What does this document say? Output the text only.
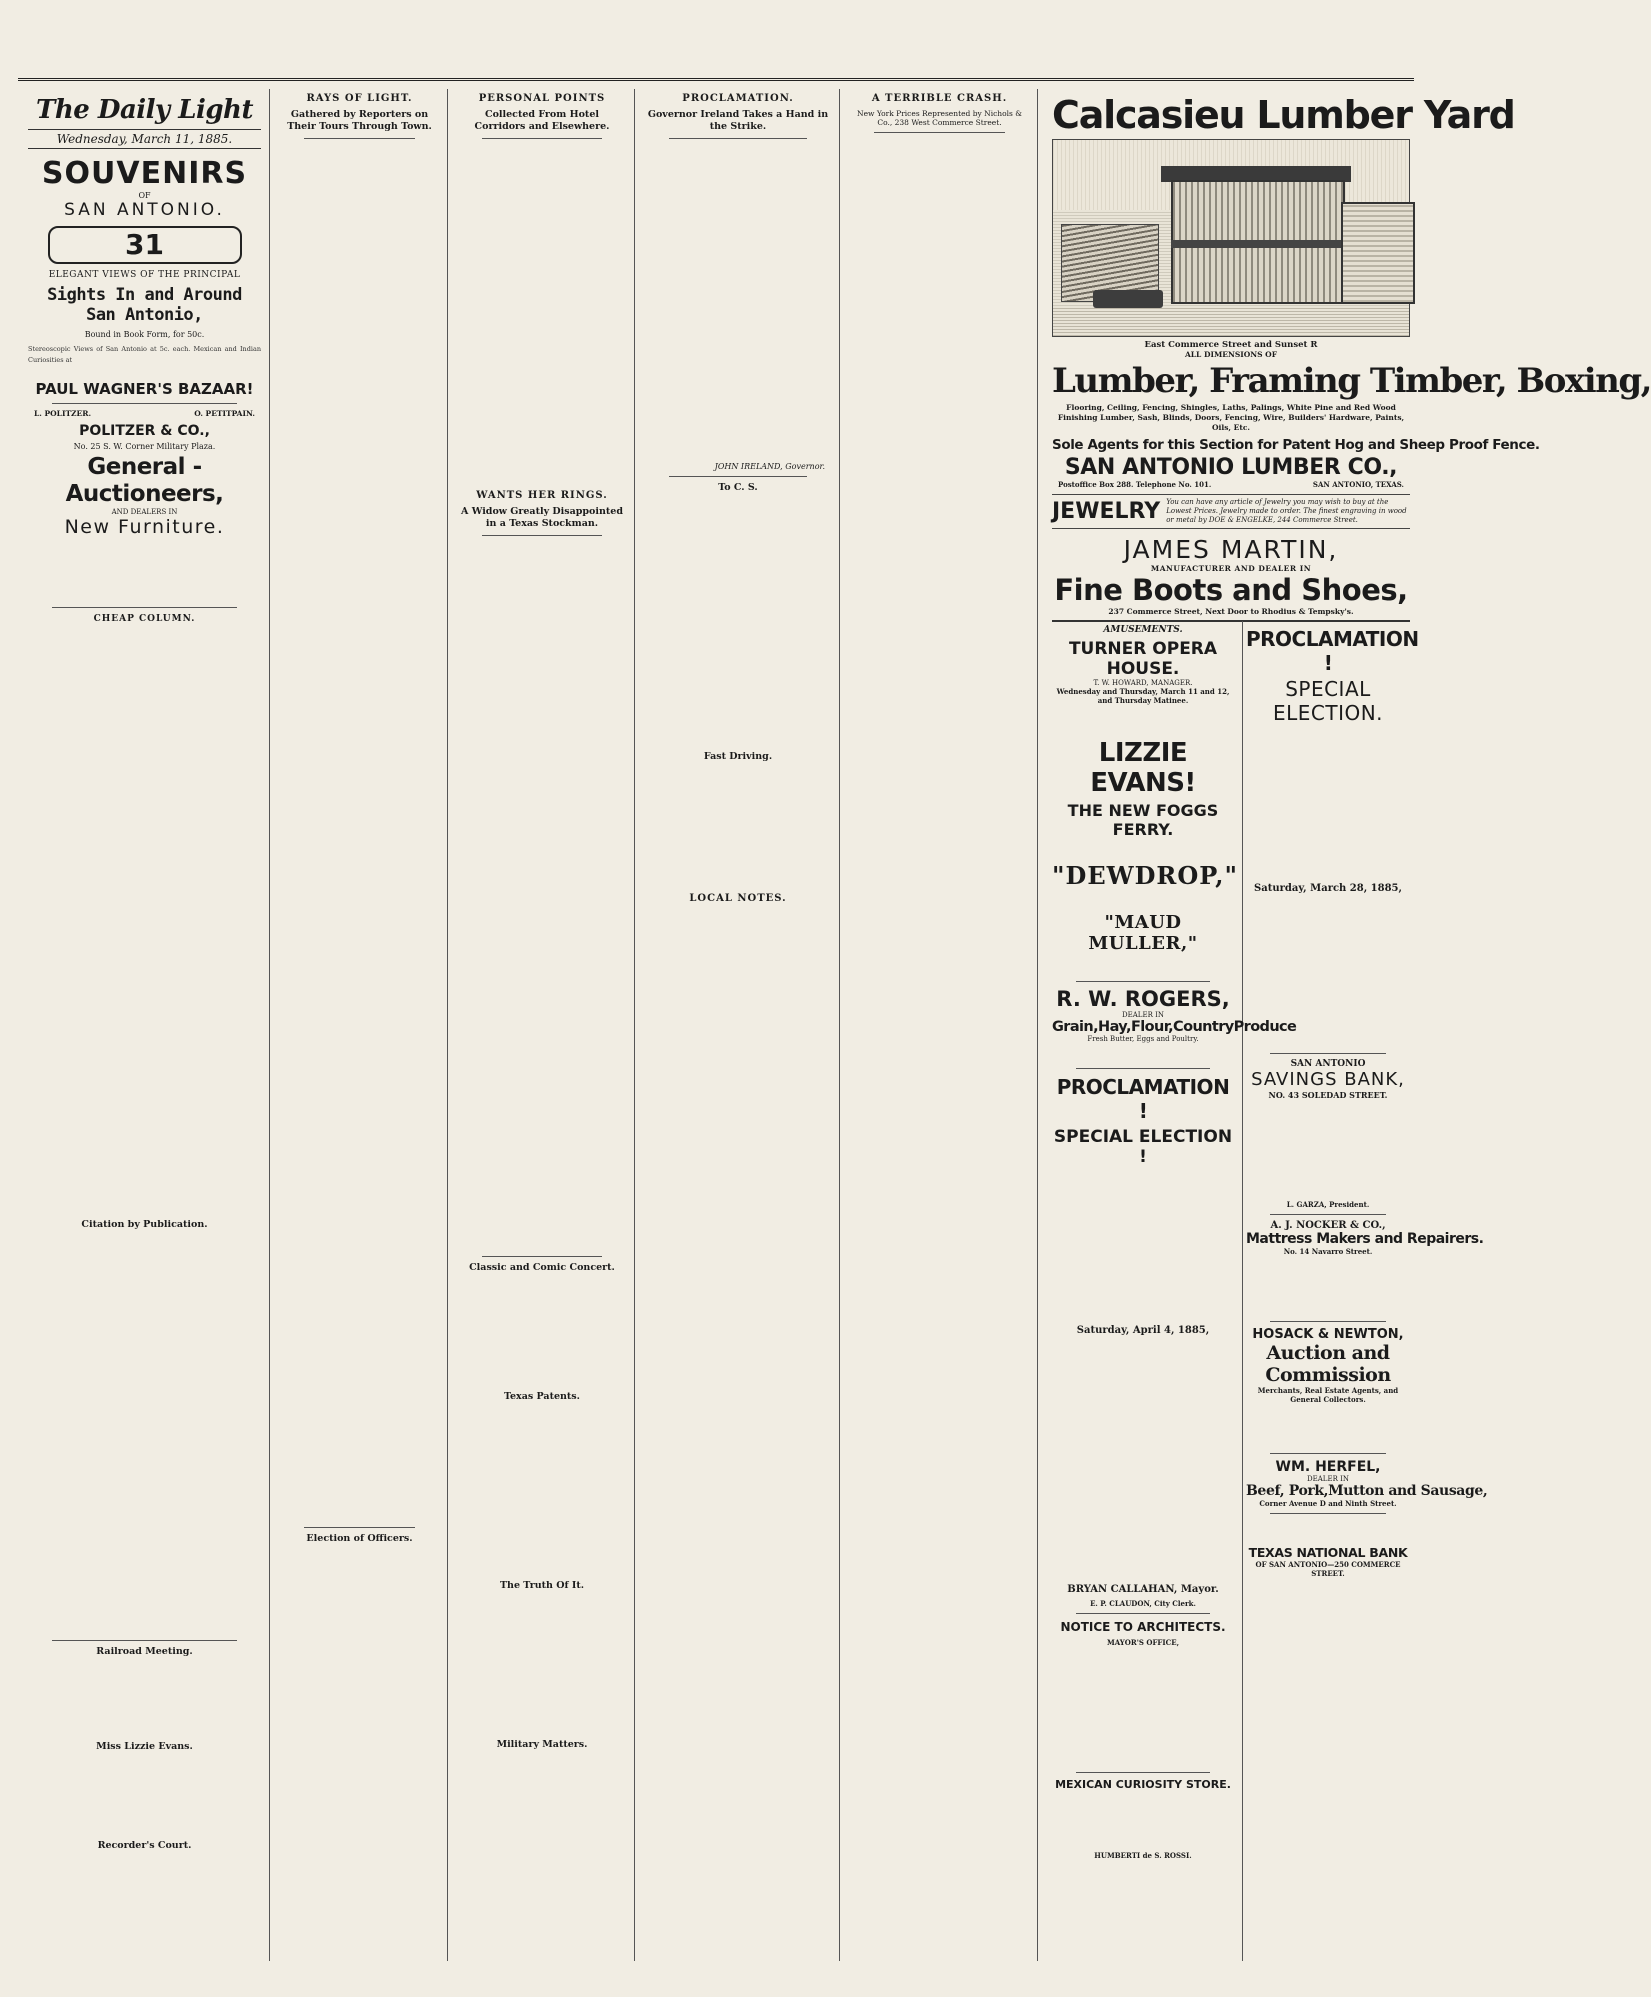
The Daily Light
Wednesday, March 11, 1885.
SOUVENIRS
OF
SAN ANTONIO.
31
ELEGANT VIEWS OF THE PRINCIPAL
Sights In and Around San Antonio,
Bound in Book Form, for 50c.
Stereoscopic Views of San Antonio at 5c. each. Mexican and Indian Curiosities at
PAUL WAGNER'S BAZAAR!
L. POLITZER.	O. PETITPAIN.
POLITZER & CO.,
No. 25 S. W. Corner Military Plaza.
General - Auctioneers,
AND DEALERS IN
New Furniture.
CHEAP COLUMN.
Citation by Publication.
Railroad Meeting.
Miss Lizzie Evans.
Recorder's Court.
RAYS OF LIGHT.
Gathered by Reporters on Their Tours Through Town.
Election of Officers.
PERSONAL POINTS
Collected From Hotel Corridors and Elsewhere.
WANTS HER RINGS.
A Widow Greatly Disappointed in a Texas Stockman.
Classic and Comic Concert.
Texas Patents.
The Truth Of It.
Military Matters.
PROCLAMATION.
Governor Ireland Takes a Hand in the Strike.
JOHN IRELAND, Governor.
To C. S.
Fast Driving.
LOCAL NOTES.
A TERRIBLE CRASH.
New York Prices Represented by Nichols & Co., 238 West Commerce Street.	Calcasieu Lumber Yard
East Commerce Street and Sunset R
ALL DIMENSIONS OF
Lumber, Framing Timber, Boxing,
Flooring, Ceiling, Fencing, Shingles, Laths, Palings, White Pine and Red Wood Finishing Lumber, Sash, Blinds, Doors, Fencing, Wire, Builders' Hardware, Paints, Oils, Etc.
Sole Agents for this Section for Patent Hog and Sheep Proof Fence.
SAN ANTONIO LUMBER CO.,
Postoffice Box 288. Telephone No. 101.	SAN ANTONIO, TEXAS.
JEWELRY You can have any article of Jewelry you may wish to buy at the Lowest Prices. Jewelry made to order. The finest engraving in wood or metal by DOE & ENGELKE, 244 Commerce Street.
JAMES MARTIN,
MANUFACTURER AND DEALER IN
Fine Boots and Shoes,
237 Commerce Street, Next Door to Rhodius & Tempsky's.
AMUSEMENTS.
TURNER OPERA HOUSE.
T. W. HOWARD, MANAGER.
Wednesday and Thursday, March 11 and 12, and Thursday Matinee.
LIZZIE EVANS!
THE NEW FOGGS FERRY.
"DEWDROP,"
"MAUD MULLER,"
R. W. ROGERS,
DEALER IN
Grain,Hay,Flour,CountryProduce
Fresh Butter, Eggs and Poultry.
PROCLAMATION !
SPECIAL ELECTION !
Saturday, April 4, 1885,
BRYAN CALLAHAN, Mayor.
E. P. CLAUDON, City Clerk.
NOTICE TO ARCHITECTS.
MAYOR'S OFFICE,
MEXICAN CURIOSITY STORE.
HUMBERTI de S. ROSSI.
PROCLAMATION !
SPECIAL ELECTION.
Saturday, March 28, 1885,
SAN ANTONIO
SAVINGS BANK,
NO. 43 SOLEDAD STREET.
L. GARZA, President.
A. J. NOCKER & CO.,
Mattress Makers and Repairers.
No. 14 Navarro Street.
HOSACK & NEWTON,
Auction and Commission
Merchants, Real Estate Agents, and General Collectors.
WM. HERFEL,
DEALER IN
Beef, Pork,Mutton and Sausage,
Corner Avenue D and Ninth Street.
TEXAS NATIONAL BANK
OF SAN ANTONIO—250 COMMERCE STREET.
